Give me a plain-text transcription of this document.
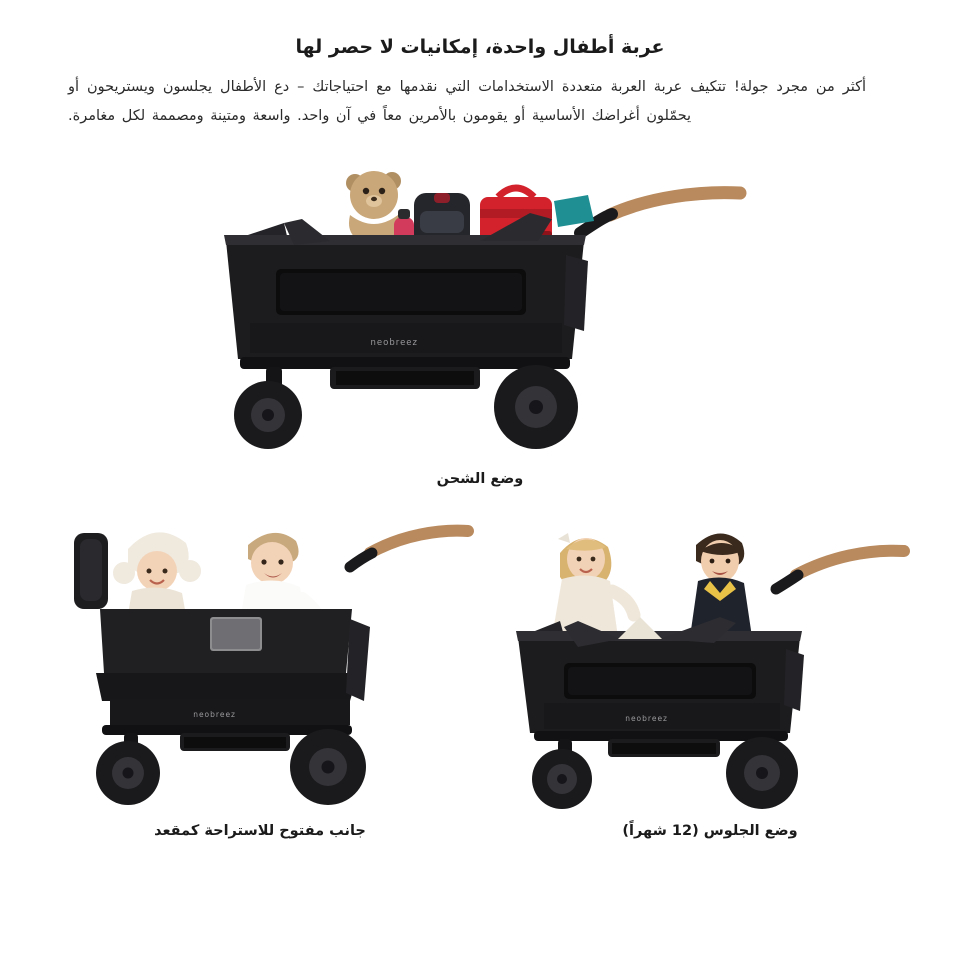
عربة أطفال واحدة، إمكانيات لا حصر لها

أكثر من مجرد جولة! تتكيف عربة العربة متعددة الاستخدامات التي نقدمها مع احتياجاتك – دع الأطفال يجلسون ويستريحون أو يحمّلون أغراضك الأساسية أو يقومون بالأمرين معاً في آن واحد. واسعة ومتينة ومصممة لكل مغامرة.

neobreez
وضع الشحن
neobreez
وضع الجلوس (12 شهراً)
neobreez
جانب مفتوح للاستراحة كمقعد
